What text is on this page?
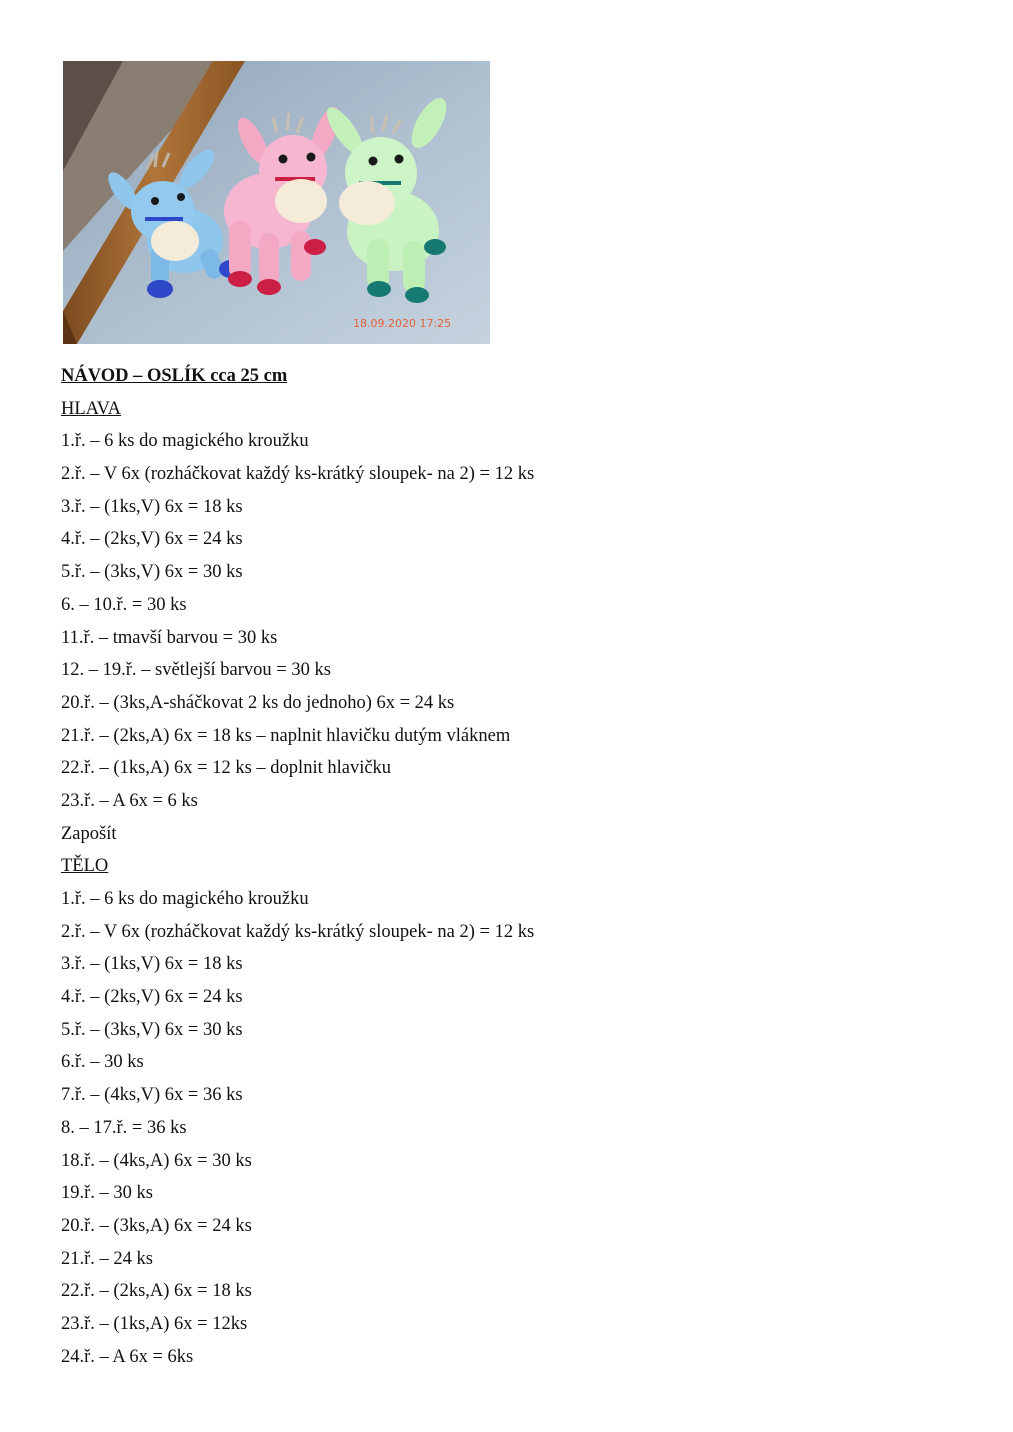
18.09.2020 17:25
NÁVOD – OSLÍK cca 25 cm
HLAVA
1.ř. – 6 ks do magického kroužku
2.ř. – V 6x (rozháčkovat každý ks-krátký sloupek- na 2) = 12 ks
3.ř. – (1ks,V) 6x = 18 ks
4.ř. – (2ks,V) 6x = 24 ks
5.ř. – (3ks,V) 6x = 30 ks
6. – 10.ř. = 30 ks
11.ř. – tmavší barvou = 30 ks
12. – 19.ř. – světlejší barvou = 30 ks
20.ř. – (3ks,A-sháčkovat 2 ks do jednoho) 6x = 24 ks
21.ř. – (2ks,A) 6x = 18 ks – naplnit hlavičku dutým vláknem
22.ř. – (1ks,A) 6x = 12 ks – doplnit hlavičku
23.ř. – A 6x = 6 ks
Zapošít
TĚLO
1.ř. – 6 ks do magického kroužku
2.ř. – V 6x (rozháčkovat každý ks-krátký sloupek- na 2) = 12 ks
3.ř. – (1ks,V) 6x = 18 ks
4.ř. – (2ks,V) 6x = 24 ks
5.ř. – (3ks,V) 6x = 30 ks
6.ř. – 30 ks
7.ř. – (4ks,V) 6x = 36 ks
8. – 17.ř. = 36 ks
18.ř. – (4ks,A) 6x = 30 ks
19.ř. – 30 ks
20.ř. – (3ks,A) 6x = 24 ks
21.ř. – 24 ks
22.ř. – (2ks,A) 6x = 18 ks
23.ř. – (1ks,A) 6x = 12ks
24.ř. – A 6x = 6ks
